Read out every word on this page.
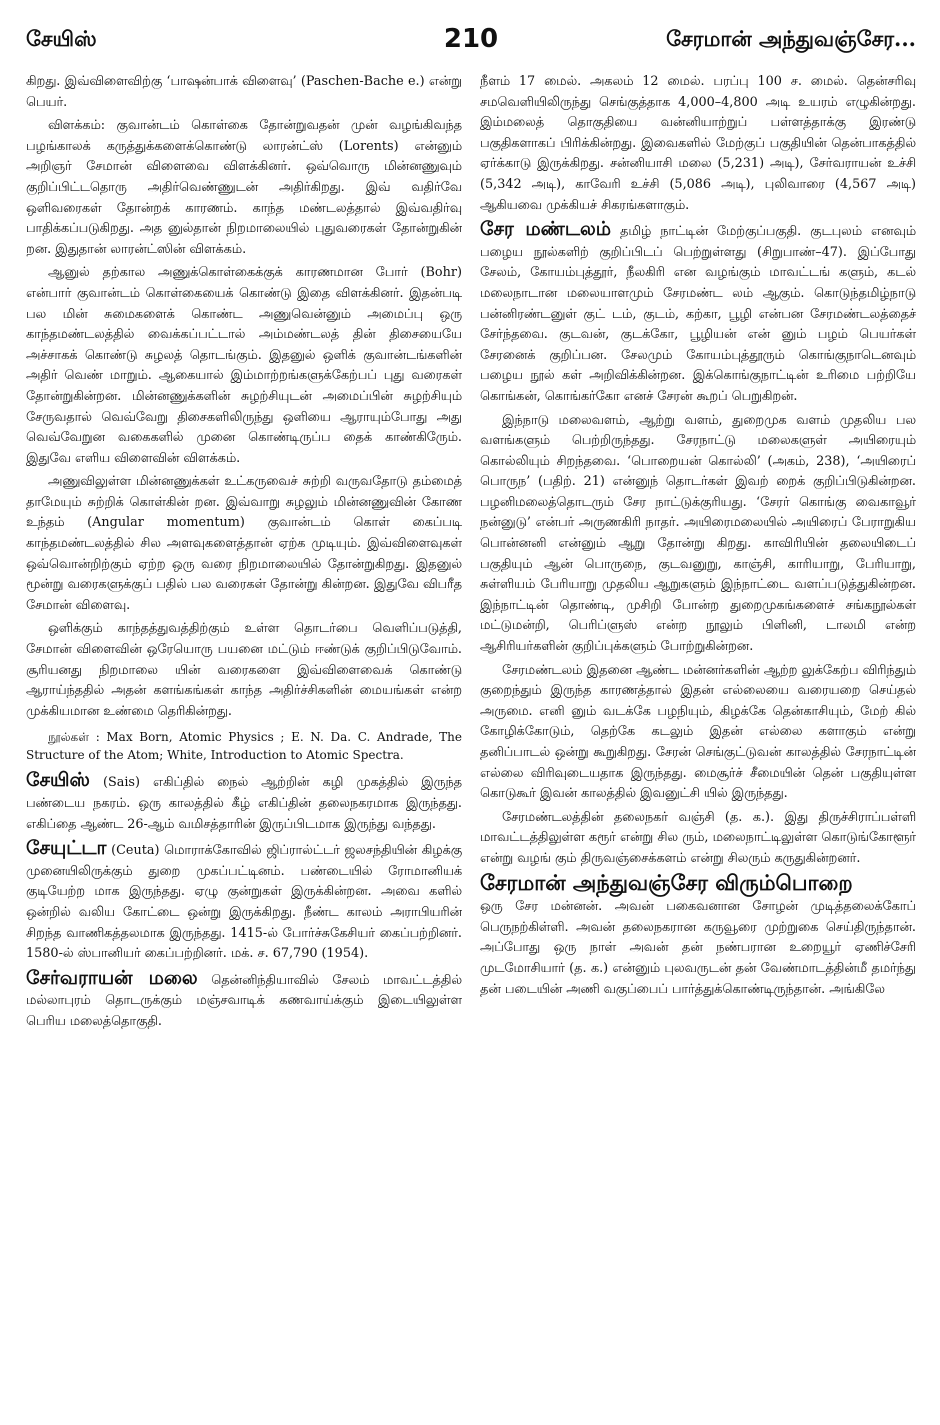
சேயிஸ்	210	சேரமான் அந்துவஞ்சேர...

கிறது. இவ்விளைவிற்கு ‘பாஷன்பாக் விளைவு’ (Paschen-Bache e.) என்று பெயர்.

விளக்கம்: குவான்டம் கொள்கை தோன்றுவதன் முன் வழங்கிவந்த பழங்காலக் கருத்துக்களைக்கொண்டு லாரன்ட்ஸ் (Lorents) என்னும் அறிஞர் சேமான் விளைவை விளக்கினர். ஒவ்வொரு மின்னணுவும் குறிப்பிட்டதொரு அதிர்வெண்ணுடன் அதிர்கிறது. இவ் வதிர்வே ஒளிவரைகள் தோன்றக் காரணம். காந்த மண்டலத்தால் இவ்வதிர்வு பாதிக்கப்படுகிறது. அத னுல்தான் நிறமாலையில் புதுவரைகள் தோன்றுகின் றன. இதுதான் லாரன்ட்ஸின் விளக்கம்.

ஆனுல் தற்கால அணுக்கொள்கைக்குக் காரணமான போர் (Bohr) என்பார் குவான்டம் கொள்கையைக் கொண்டு இதை விளக்கினர். இதன்படி பல மின் சுமைகளைக் கொண்ட அணுவென்னும் அமைப்பு ஒரு காந்தமண்டலத்தில் வைக்கப்பட்டால் அம்மண்டலத் தின் திசையையே அச்சாகக் கொண்டு சுழலத் தொடங்கும். இதனுல் ஒளிக் குவான்டங்களின் அதிர் வெண் மாறும். ஆகையால் இம்மாற்றங்களுக்கேற்பப் புது வரைகள் தோன்றுகின்றன. மின்னணுக்களின் சுழற்சியுடன் அமைப்பின் சுழற்சியும் சேருவதால் வெவ்வேறு திசைகளிலிருந்து ஒளியை ஆராயும்போது அது வெவ்வேறுன வகைகளில் முனை கொண்டிருப்ப தைக் காண்கிருேம். இதுவே எளிய விளைவின் விளக்கம்.

அணுவிலுள்ள மின்னணுக்கள் உட்கருவைச் சுற்றி வருவதோடு தம்மைத் தாமேயும் சுற்றிக் கொள்கின் றன. இவ்வாறு சுழலும் மின்னணுவின் கோண உந்தம் (Angular momentum) குவான்டம் கொள் கைப்படி காந்தமண்டலத்தில் சில அளவுகளைத்தான் ஏற்க முடியும். இவ்விளைவுகள் ஒவ்வொன்றிற்கும் ஏற்ற ஒரு வரை நிறமாலையில் தோன்றுகிறது. இதனுல் மூன்று வரைகளுக்குப் பதில் பல வரைகள் தோன்று கின்றன. இதுவே விபரீத சேமான் விளைவு.

ஒளிக்கும் காந்தத்துவத்திற்கும் உள்ள தொடர்பை வெளிப்படுத்தி, சேமான் விளைவின் ஒரேயொரு பயனை மட்டும் ஈண்டுக் குறிப்பிடுவோம். சூரியனது நிறமாலை யின் வரைகளை இவ்விளைவைக் கொண்டு ஆராய்ந்ததில் அதன் களங்கங்கள் காந்த அதிர்ச்சிகளின் மையங்கள் என்ற முக்கியமான உண்மை தெரிகின்றது.

நூல்கள் : Max Born, Atomic Physics ; E. N. Da. C. Andrade, The Structure of the Atom; White, Introduction to Atomic Spectra.

சேயிஸ் (Sais) எகிப்தில் நைல் ஆற்றின் கழி முகத்தில் இருந்த பண்டைய நகரம். ஒரு காலத்தில் கீழ் எகிப்தின் தலைநகரமாக இருந்தது. எகிப்தை ஆண்ட 26-ஆம் வமிசத்தாரின் இருப்பிடமாக இருந்து வந்தது.

சேயுட்டா (Ceuta) மொராக்கோவில் ஜிப்ரால்ட்டர் ஜலசந்தியின் கிழக்கு முனையிலிருக்கும் துறை முகப்பட்டினம். பண்டையில் ரோமானியக் குடியேற்ற மாக இருந்தது. ஏழு குன்றுகள் இருக்கின்றன. அவை களில் ஒன்றில் வலிய கோட்டை ஒன்று இருக்கிறது. நீண்ட காலம் அராபியரின் சிறந்த வாணிகத்தலமாக இருந்தது. 1415-ல் போர்ச்சுகேசியர் கைப்பற்றினர். 1580-ல் ஸ்பானியர் கைப்பற்றினர். மக். ச. 67,790 (1954).

சேர்வராயன் மலை தென்னிந்தியாவில் சேலம் மாவட்டத்தில் மல்லாபுரம் தொடருக்கும் மஞ்சவாடிக் கணவாய்க்கும் இடையிலுள்ள பெரிய மலைத்தொகுதி.

நீளம் 17 மைல். அகலம் 12 மைல். பரப்பு 100 ச. மைல். தென்சரிவு சமவெளியிலிருந்து செங்குத்தாக 4,000–4,800 அடி உயரம் எழுகின்றது. இம்மலைத் தொகுதியை வன்னியாற்றுப் பள்ளத்தாக்கு இரண்டு பகுதிகளாகப் பிரிக்கின்றது. இவைகளில் மேற்குப் பகுதியின் தென்பாகத்தில் ஏர்க்காடு இருக்கிறது. சன்னியாசி மலை (5,231) அடி), சேர்வராயன் உச்சி (5,342 அடி), காவேரி உச்சி (5,086 அடி), புலிவாரை (4,567 அடி) ஆகியவை முக்கியச் சிகரங்களாகும்.

சேர மண்டலம் தமிழ் நாட்டின் மேற்குப்பகுதி. குடபுலம் எனவும் பழைய நூல்களிற் குறிப்பிடப் பெற்றுள்ளது (சிறுபாண்–47). இப்போது சேலம், கோயம்புத்தூர், நீலகிரி என வழங்கும் மாவட்டங் களும், கடல் மலைநாடான மலையாளமும் சேரமண்ட லம் ஆகும். கொடுந்தமிழ்நாடு பன்னிரண்டனுள் குட் டம், குடம், கற்கா, பூழி என்பன சேரமண்டலத்தைச் சேர்ந்தவை. குடவன், குடக்கோ, பூழியன் என் னும் பழம் பெயர்கள் சேரனைக் குறிப்பன. சேலமும் கோயம்புத்தூரும் கொங்குநாடெனவும் பழைய நூல் கள் அறிவிக்கின்றன. இக்கொங்குநாட்டின் உரிமை பற்றியே கொங்கன், கொங்கர்கோ எனச் சேரன் கூறப் பெறுகிறன்.

இந்நாடு மலைவளம், ஆற்று வளம், துறைமுக வளம் முதலிய பல வளங்களும் பெற்றிருந்தது. சேரநாட்டு மலைகளுள் அயிரையும் கொல்லியும் சிறந்தவை. ‘பொறையன் கொல்லி’ (அகம், 238), ‘அயிரைப் பொருந’ (பதிற். 21) என்னுந் தொடர்கள் இவற் றைக் குறிப்பிடுகின்றன. பழனிமலைத்தொடரும் சேர நாட்டுக்குரியது. ‘சேரர் கொங்கு வைகாவூர் நன்னுடு’ என்பர் அருணகிரி நாதர். அயிரைமலையில் அயிரைப் பேராறுகிய பொன்னனி என்னும் ஆறு தோன்று கிறது. காவிரியின் தலையிடைப் பகுதியும் ஆன் பொருநை, குடவனுறு, காஞ்சி, காரியாறு, பேரியாறு, சுள்ளியம் பேரியாறு முதலிய ஆறுகளும் இந்நாட்டை வளப்படுத்துகின்றன. இந்நாட்டின் தொண்டி, முசிறி போன்ற துறைமுகங்களைச் சங்கநூல்கள் மட்டுமன்றி, பெரிப்ளுஸ் என்ற நூலும் பிளினி, டாலமி என்ற ஆசிரியர்களின் குறிப்புக்களும் போற்றுகின்றன.

சேரமண்டலம் இதனை ஆண்ட மன்னர்களின் ஆற்ற லுக்கேற்ப விரிந்தும் குறைந்தும் இருந்த காரணத்தால் இதன் எல்லையை வரையறை செய்தல் அருமை. எனி னும் வடக்கே பழநியும், கிழக்கே தென்காசியும், மேற் கில் கோழிக்கோடும், தெற்கே கடலும் இதன் எல்லை களாகும் என்று தனிப்பாடல் ஒன்று கூறுகிறது. சேரன் செங்குட்டுவன் காலத்தில் சேரநாட்டின் எல்லை விரிவுடையதாக இருந்தது. மைசூர்ச் சீமையின் தென் பகுதியுள்ள கொடுகூர் இவன் காலத்தில் இவனுட்சி யில் இருந்தது.

சேரமண்டலத்தின் தலைநகர் வஞ்சி (த. க.). இது திருச்சிராப்பள்ளி மாவட்டத்திலுள்ள கரூர் என்று சில ரும், மலைநாட்டிலுள்ள கொடுங்கோளூர் என்று வழங் கும் திருவஞ்சைக்களம் என்று சிலரும் கருதுகின்றனர்.

சேரமான் அந்துவஞ்சேர விரும்பொறை
ஒரு சேர மன்னன். அவன் பகைவனான சோழன் முடித்தலைக்கோப் பெருநற்கிள்ளி. அவன் தலைநகரான கருவூரை முற்றுகை செய்திருந்தான். அப்போது ஒரு நாள் அவன் தன் நண்பரான உறையூர் ஏணிச்சேரி முடமோசியார் (த. க.) என்னும் புலவருடன் தன் வேண்மாடத்தின்மீ தமர்ந்து தன் படையின் அணி வகுப்பைப் பார்த்துக்கொண்டிருந்தான். அங்கிலே
